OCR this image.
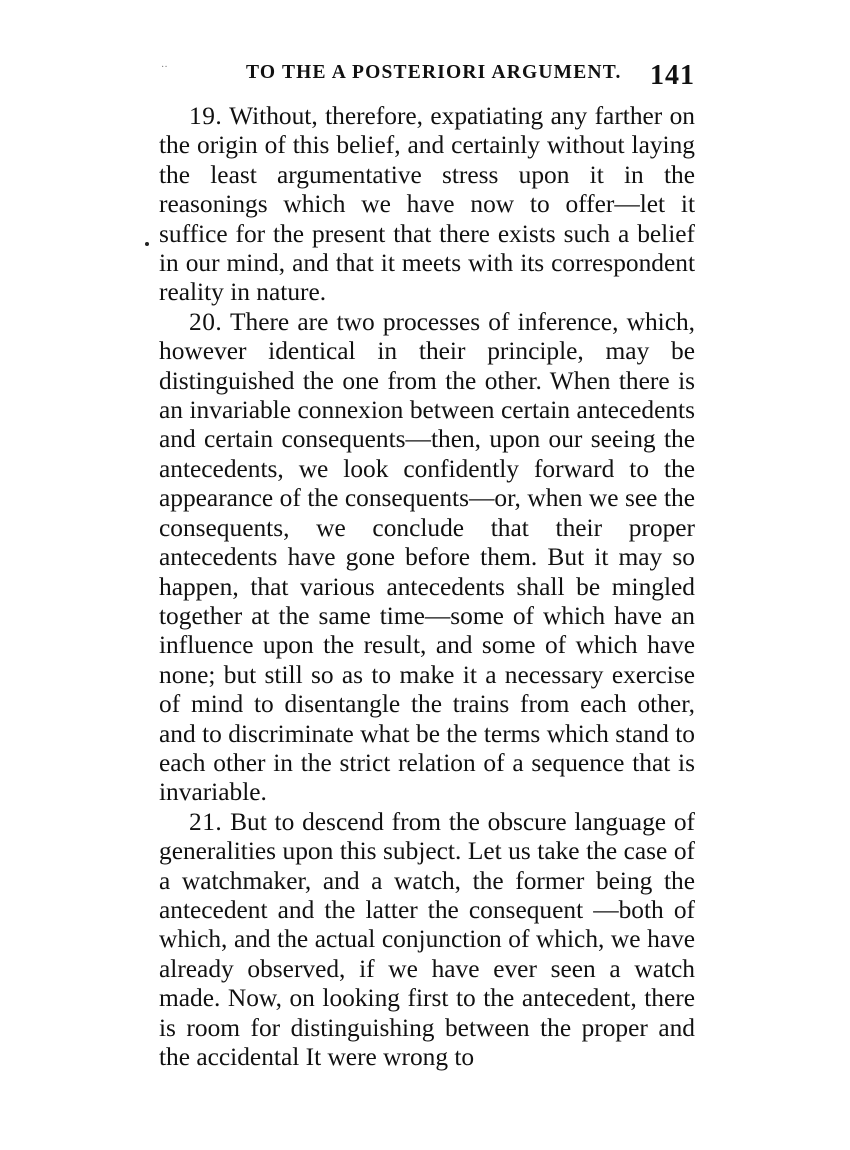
··	TO THE A POSTERIORI ARGUMENT. 141

19. Without, therefore, expatiating any farther on the origin of this belief, and certainly without laying the least argumentative stress upon it in the reasonings which we have now to offer—let it suffice for the present that there exists such a belief in our mind, and that it meets with its correspondent reality in nature.

20. There are two processes of inference, which, however identical in their principle, may be distinguished the one from the other. When there is an invariable connexion between certain antecedents and certain consequents—then, upon our seeing the antecedents, we look confidently forward to the appearance of the consequents—or, when we see the consequents, we conclude that their proper antecedents have gone before them. But it may so happen, that various antecedents shall be mingled together at the same time—some of which have an influence upon the result, and some of which have none; but still so as to make it a necessary exercise of mind to disentangle the trains from each other, and to discriminate what be the terms which stand to each other in the strict relation of a sequence that is invariable.

21. But to descend from the obscure language of generalities upon this subject. Let us take the case of a watchmaker, and a watch, the former being the antecedent and the latter the consequent —both of which, and the actual conjunction of which, we have already observed, if we have ever seen a watch made. Now, on looking first to the antecedent, there is room for distinguishing between the proper and the accidental It were wrong to
